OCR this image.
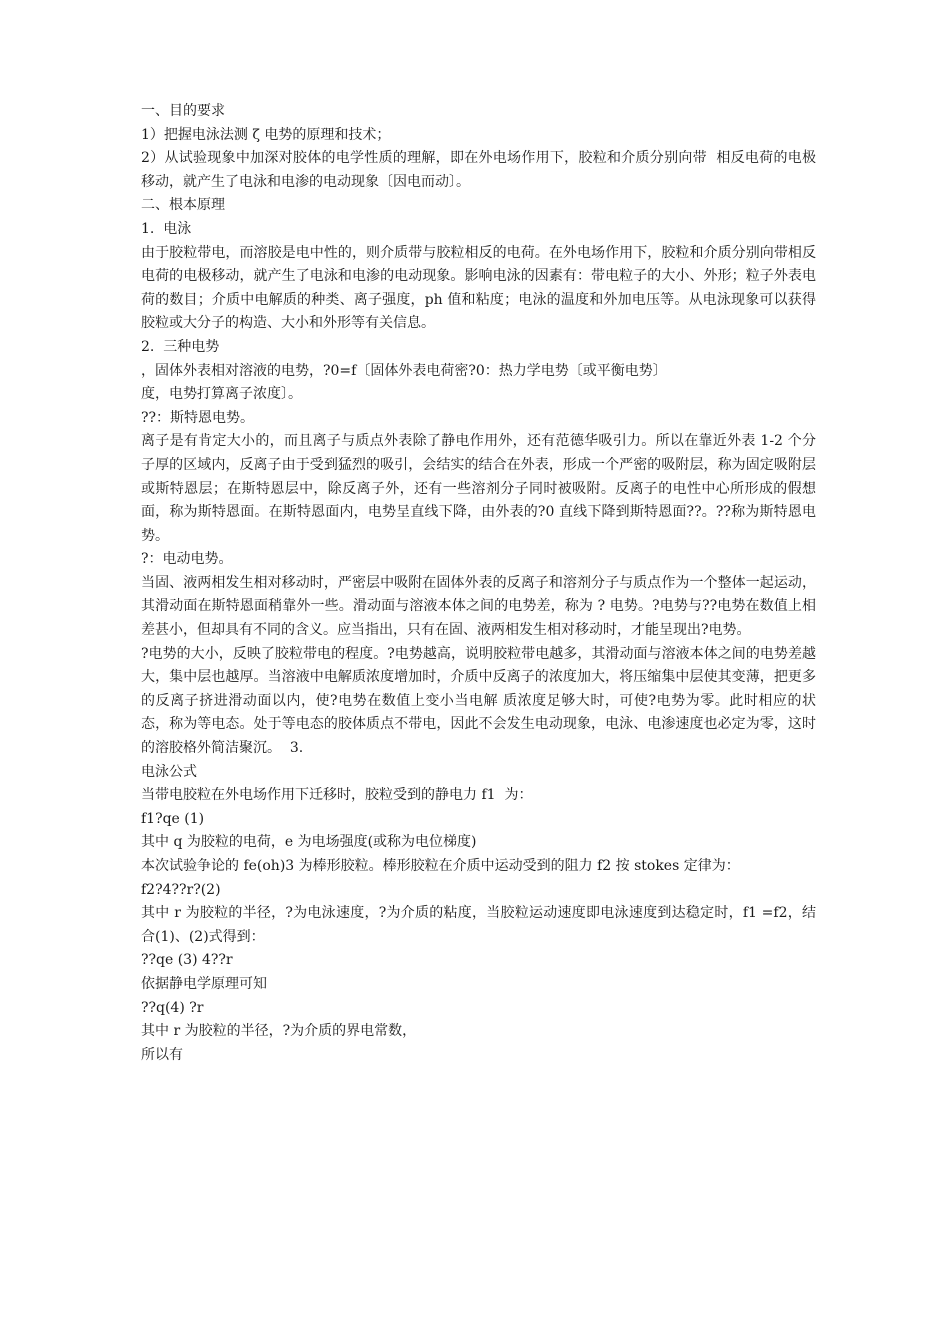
一、目的要求

1）把握电泳法测 ζ 电势的原理和技术；

2）从试验现象中加深对胶体的电学性质的理解，即在外电场作用下，胶粒和介质分别向带  相反电荷的电极移动，就产生了电泳和电渗的电动现象〔因电而动〕。

二、根本原理

1.  电泳

由于胶粒带电，而溶胶是电中性的，则介质带与胶粒相反的电荷。在外电场作用下，胶粒和介质分别向带相反电荷的电极移动，就产生了电泳和电渗的电动现象。影响电泳的因素有：带电粒子的大小、外形；粒子外表电荷的数目；介质中电解质的种类、离子强度，ph 值和粘度；电泳的温度和外加电压等。从电泳现象可以获得胶粒或大分子的构造、大小和外形等有关信息。

2.  三种电势

，固体外表相对溶液的电势，?0=f〔固体外表电荷密?0：热力学电势〔或平衡电势〕

度，电势打算离子浓度〕。

??：斯特恩电势。

离子是有肯定大小的，而且离子与质点外表除了静电作用外，还有范德华吸引力。所以在靠近外表 1-2 个分子厚的区域内，反离子由于受到猛烈的吸引，会结实的结合在外表，形成一个严密的吸附层，称为固定吸附层或斯特恩层；在斯特恩层中，除反离子外，还有一些溶剂分子同时被吸附。反离子的电性中心所形成的假想面，称为斯特恩面。在斯特恩面内，电势呈直线下降，由外表的?0 直线下降到斯特恩面??。??称为斯特恩电势。

?：电动电势。

当固、液两相发生相对移动时，严密层中吸附在固体外表的反离子和溶剂分子与质点作为一个整体一起运动，其滑动面在斯特恩面稍靠外一些。滑动面与溶液本体之间的电势差，称为 ? 电势。?电势与??电势在数值上相差甚小，但却具有不同的含义。应当指出，只有在固、液两相发生相对移动时，才能呈现出?电势。

?电势的大小，反映了胶粒带电的程度。?电势越高，说明胶粒带电越多，其滑动面与溶液本体之间的电势差越大，集中层也越厚。当溶液中电解质浓度增加时，介质中反离子的浓度加大，将压缩集中层使其变薄，把更多的反离子挤进滑动面以内，使?电势在数值上变小当电解 质浓度足够大时，可使?电势为零。此时相应的状态，称为等电态。处于等电态的胶体质点不带电，因此不会发生电动现象，电泳、电渗速度也必定为零，这时的溶胶格外简洁聚沉。  3.

电泳公式

当带电胶粒在外电场作用下迁移时，胶粒受到的静电力 f1  为：

f1?qe (1)

其中 q 为胶粒的电荷，e 为电场强度(或称为电位梯度)

本次试验争论的 fe(oh)3 为棒形胶粒。棒形胶粒在介质中运动受到的阻力 f2 按 stokes 定律为：

f2?4??r?(2)

其中 r 为胶粒的半径，?为电泳速度，?为介质的粘度，当胶粒运动速度即电泳速度到达稳定时，f1 =f2，结合(1)、(2)式得到：

??qe (3) 4??r

依据静电学原理可知

??q(4) ?r

其中 r 为胶粒的半径，?为介质的界电常数，

所以有
